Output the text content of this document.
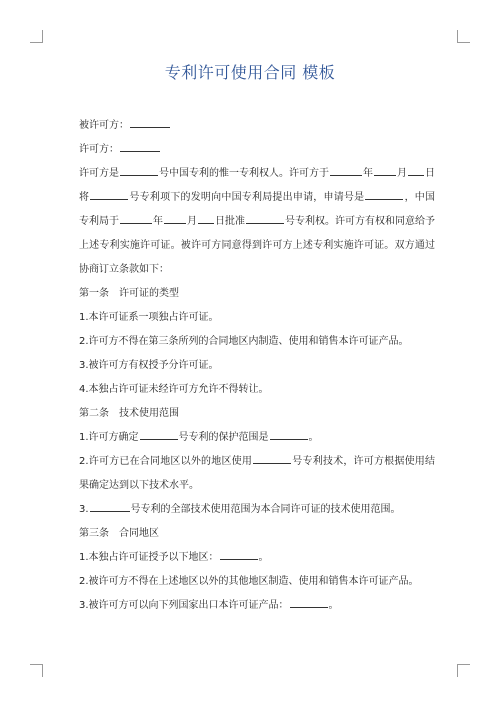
专利许可使用合同 模板

被许可方：

许可方：

许可方是	号中国专利的惟一专利权人。许可方于	年 月 日将	号专利项下的发明向中国专利局提出申请，申请号是	，中国专利局于	年 月 日批准	号专利权。许可方有权和同意给予上述专利实施许可证。被许可方同意得到许可方上述专利实施许可证。双方通过协商订立条款如下：

第一条　许可证的类型

1.本许可证系一项独占许可证。

2.许可方不得在第三条所列的合同地区内制造、使用和销售本许可证产品。

3.被许可方有权授予分许可证。

4.本独占许可证未经许可方允许不得转让。

第二条　技术使用范围

1.许可方确定	号专利的保护范围是	。

2.许可方已在合同地区以外的地区使用	号专利技术，许可方根据使用结果确定达到以下技术水平。

3.	号专利的全部技术使用范围为本合同许可证的技术使用范围。

第三条　合同地区

1.本独占许可证授予以下地区：	。

2.被许可方不得在上述地区以外的其他地区制造、使用和销售本许可证产品。

3.被许可方可以向下列国家出口本许可证产品：	。
